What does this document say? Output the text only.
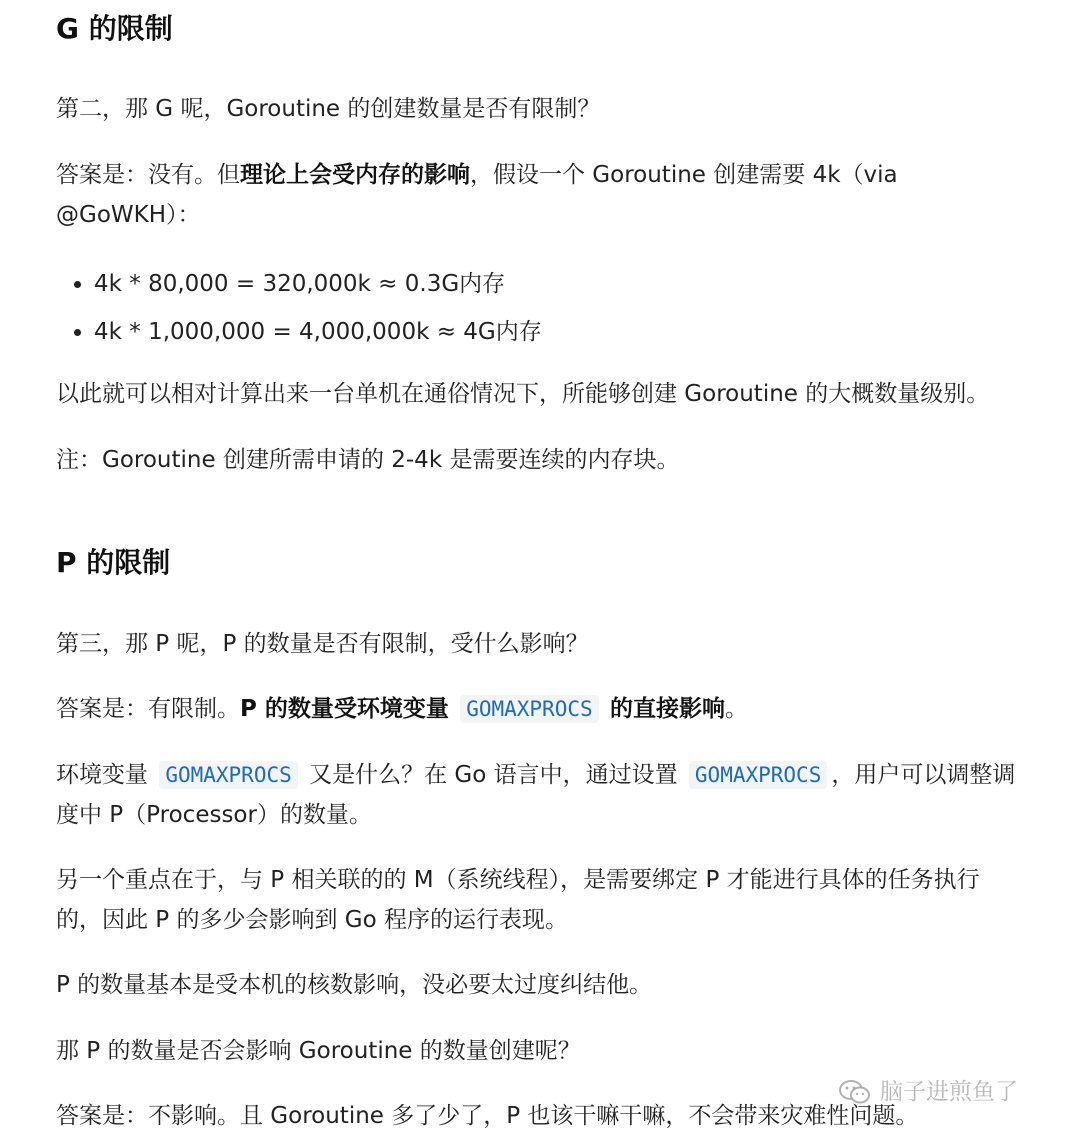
G 的限制

第二，那 G 呢，Goroutine 的创建数量是否有限制？

答案是：没有。但理论上会受内存的影响，假设一个 Goroutine 创建需要 4k（via

@GoWKH）：

4k * 80,000 = 320,000k ≈ 0.3G内存
4k * 1,000,000 = 4,000,000k ≈ 4G内存

以此就可以相对计算出来一台单机在通俗情况下，所能够创建 Goroutine 的大概数量级别。

注：Goroutine 创建所需申请的 2-4k 是需要连续的内存块。

P 的限制

第三，那 P 呢，P 的数量是否有限制，受什么影响？

答案是：有限制。P 的数量受环境变量 GOMAXPROCS 的直接影响。

环境变量 GOMAXPROCS 又是什么？在 Go 语言中，通过设置 GOMAXPROCS ，用户可以调整调

度中 P（Processor）的数量。

另一个重点在于，与 P 相关联的的 M（系统线程），是需要绑定 P 才能进行具体的任务执行

的，因此 P 的多少会影响到 Go 程序的运行表现。

P 的数量基本是受本机的核数影响，没必要太过度纠结他。

那 P 的数量是否会影响 Goroutine 的数量创建呢？

答案是：不影响。且 Goroutine 多了少了，P 也该干嘛干嘛，不会带来灾难性问题。

脑子进煎鱼了
